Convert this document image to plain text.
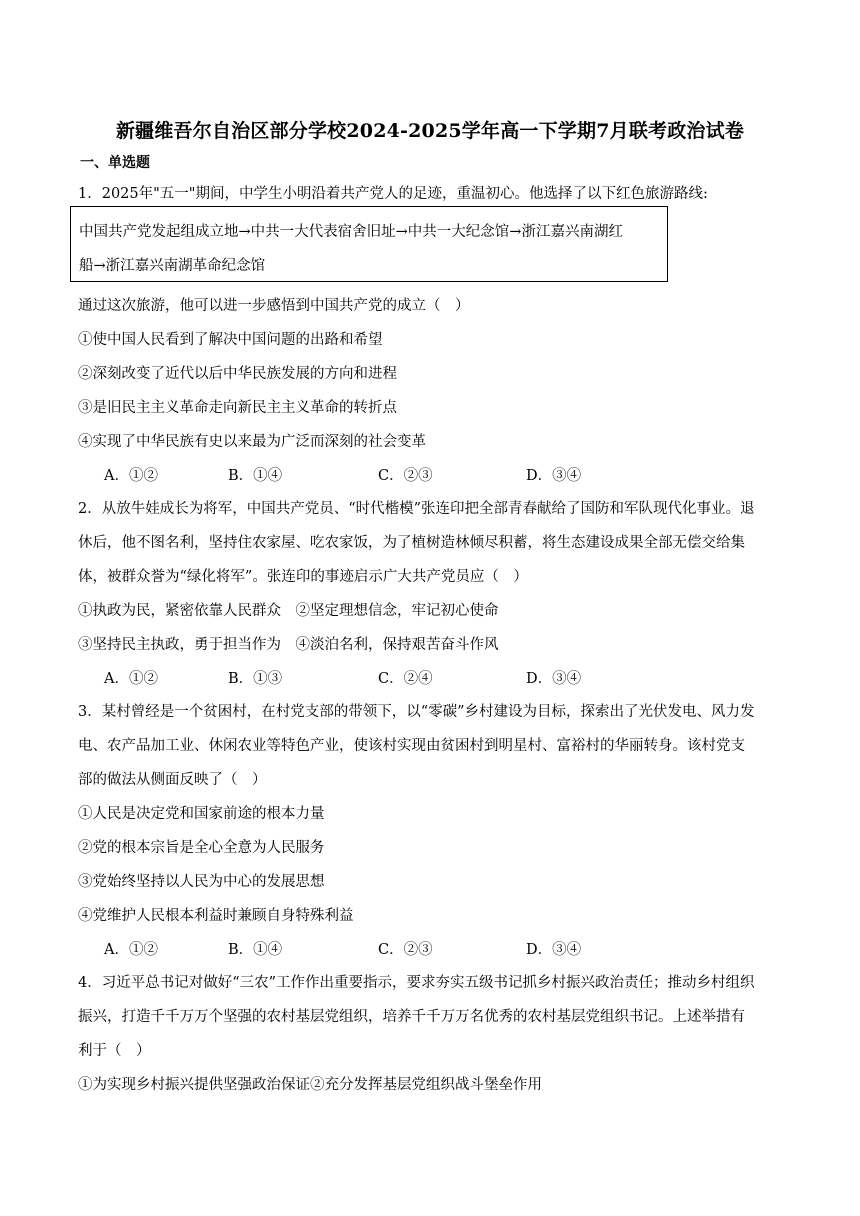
新疆维吾尔自治区部分学校2024-2025学年高一下学期7月联考政治试卷
一、单选题
1．2025年"五一"期间，中学生小明沿着共产党人的足迹，重温初心。他选择了以下红色旅游路线:
中国共产党发起组成立地→中共一大代表宿舍旧址→中共一大纪念馆→浙江嘉兴南湖红
船→浙江嘉兴南湖革命纪念馆
通过这次旅游，他可以进一步感悟到中国共产党的成立（　）
①使中国人民看到了解决中国问题的出路和希望
②深刻改变了近代以后中华民族发展的方向和进程
③是旧民主主义革命走向新民主主义革命的转折点
④实现了中华民族有史以来最为广泛而深刻的社会变革
A．①②	B．①④	C．②③	D．③④
2．从放牛娃成长为将军，中国共产党员、“时代楷模”张连印把全部青春献给了国防和军队现代化事业。退
休后，他不图名利，坚持住农家屋、吃农家饭，为了植树造林倾尽积蓄，将生态建设成果全部无偿交给集
体，被群众誉为“绿化将军”。张连印的事迹启示广大共产党员应（　）
①执政为民，紧密依靠人民群众　②坚定理想信念，牢记初心使命
③坚持民主执政，勇于担当作为　④淡泊名利，保持艰苦奋斗作风
A．①②	B．①③	C．②④	D．③④
3．某村曾经是一个贫困村，在村党支部的带领下，以“零碳”乡村建设为目标，探索出了光伏发电、风力发
电、农产品加工业、休闲农业等特色产业，使该村实现由贫困村到明星村、富裕村的华丽转身。该村党支
部的做法从侧面反映了（　）
①人民是决定党和国家前途的根本力量
②党的根本宗旨是全心全意为人民服务
③党始终坚持以人民为中心的发展思想
④党维护人民根本利益时兼顾自身特殊利益
A．①②	B．①④	C．②③	D．③④
4．习近平总书记对做好“三农”工作作出重要指示，要求夯实五级书记抓乡村振兴政治责任；推动乡村组织
振兴，打造千千万万个坚强的农村基层党组织，培养千千万万名优秀的农村基层党组织书记。上述举措有
利于（　）
①为实现乡村振兴提供坚强政治保证②充分发挥基层党组织战斗堡垒作用
